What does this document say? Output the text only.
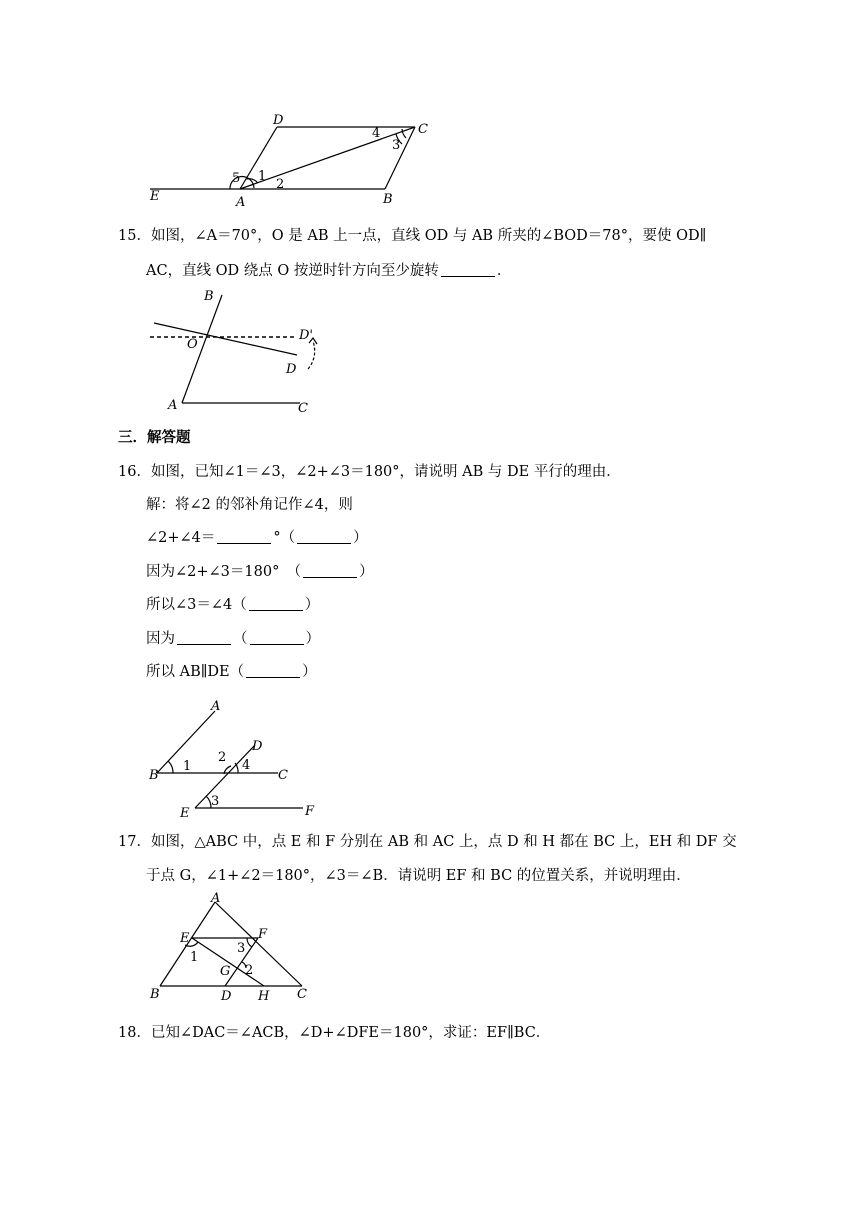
D
C
E	A	B
1
2
3
4
5
15．如图，∠A＝70°，O 是 AB 上一点，直线 OD 与 AB 所夹的∠BOD＝78°，要使 OD∥
AC，直线 OD 绕点 O 按逆时针方向至少旋转	．
B
O
D
D'
A	C
三．解答题
16．如图，已知∠1＝∠3，∠2+∠3＝180°，请说明 AB 与 DE 平行的理由．
解：将∠2 的邻补角记作∠4，则
∠2+∠4＝	°（	）
因为∠2+∠3＝180°　（	）
所以∠3＝∠4（	）
因为	（	）
所以 AB∥DE（	）
A
D
B	C
E	F
1
2
3
4
17．如图，△ABC 中，点 E 和 F 分别在 AB 和 AC 上，点 D 和 H 都在 BC 上，EH 和 DF 交
于点 G，∠1+∠2＝180°，∠3＝∠B．请说明 EF 和 BC 的位置关系，并说明理由．
A
E	F
G
B	D H C
1
2
3
18．已知∠DAC＝∠ACB，∠D+∠DFE＝180°，求证：EF∥BC．
